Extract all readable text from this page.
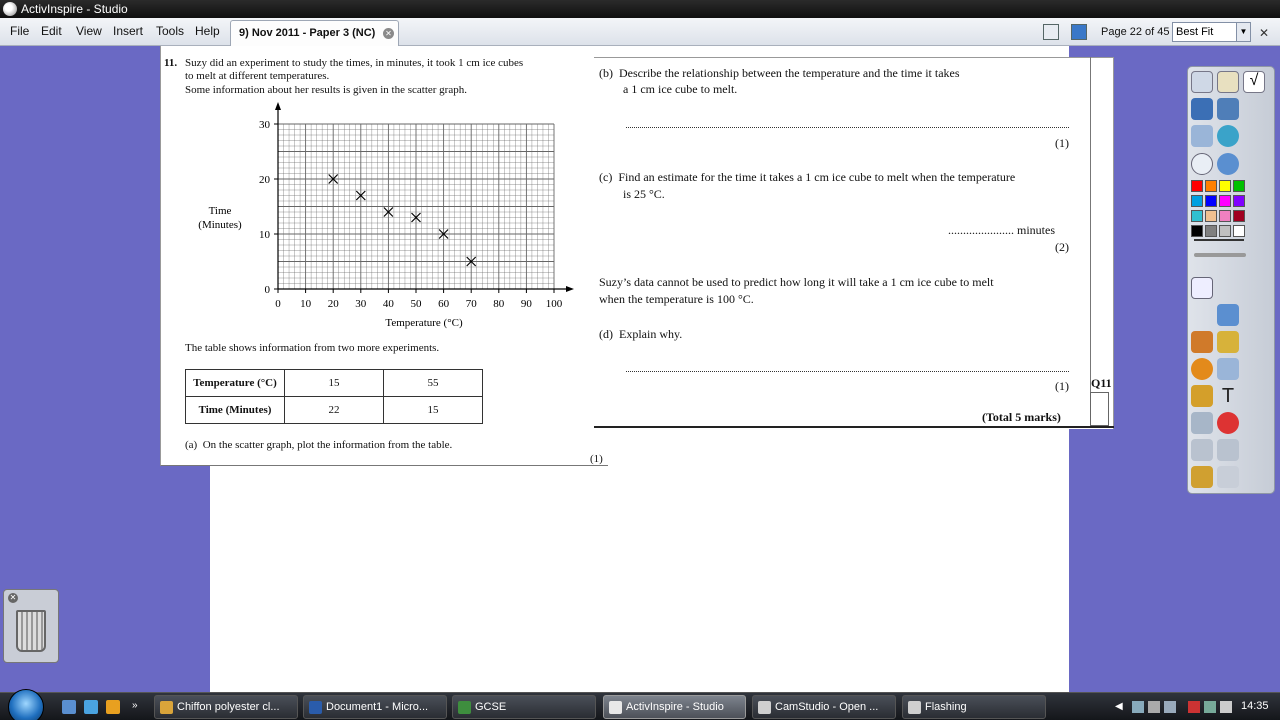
ActivInspire - Studio
File Edit View Insert Tools Help 9) Nov 2011 - Paper 3 (NC) ✕	Page 22 of 45 Best Fit	▼ ✕
11. Suzy did an experiment to study the times, in minutes, it took 1 cm ice cubes
to melt at different temperatures.
Some information about her results is given in the scatter graph.
0 10 20 30 40 50 60 70 80 90 100
0
10
20
30
Temperature (°C)
Time
(Minutes)
The table shows information from two more experiments.
Temperature (°C)	15	55
Time (Minutes)	22	15
(a)  On the scatter graph, plot the information from the table.
(1)
(b)  Describe the relationship between the temperature and the time it takes
a 1 cm ice cube to melt.
(1)
(c)  Find an estimate for the time it takes a 1 cm ice cube to melt when the temperature
is 25 °C.
...................... minutes
(2)
Suzy’s data cannot be used to predict how long it will take a 1 cm ice cube to melt
when the temperature is 100 °C.
(d)  Explain why.
(1)
(Total 5 marks)
Q11
√
T
✕
»	Chiffon polyester cl...	Document1 - Micro...	GCSE	ActivInspire - Studio	CamStudio - Open ...	Flashing	◀	14:35
